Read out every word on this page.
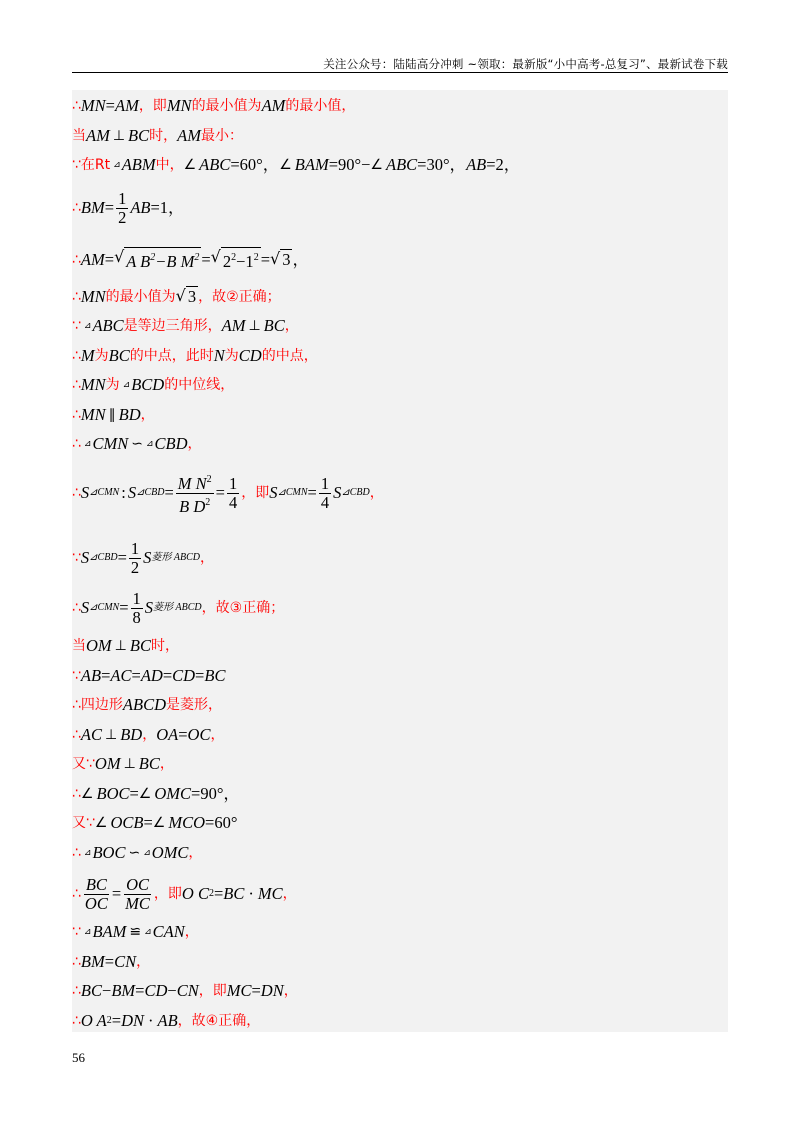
关注公众号：陆陆高分冲刺 ~领取：最新版“小中高考-总复习”、最新试卷下载
∴ MN = AM ，即 MN 的最小值为 AM 的最小值，
当 AM ⊥ BC 时， AM 最小：
∵ 在Rt ⊿ ABM 中， ∠ ABC =60°， ∠ BAM =90°− ∠ ABC =30°， AB =2，
∴ BM = $\frac{1}{2}$ AB =1，
∴ AM = √ A $B^2-B$ $M^2$ = √ $2^2-1^2$ = √ 3 ，
∴ MN 的最小值为 √ 3 ，故②正确；
∵ ⊿ ABC 是等边三角形， AM ⊥ BC ，
∴ M 为 BC 的中点，此时 N 为 CD 的中点，
∴ MN 为 ⊿ BCD 的中位线，
∴ MN ∥ BD ，
∴ ⊿ CMN ∽ ⊿ CBD ，
∴ S ⊿CMN : S ⊿CBD = $\frac{M N^2}{B D^2} = \frac{1}{4}$ ，即 S ⊿CMN = $\frac{1}{4}$ S ⊿CBD ，
∵ S ⊿CBD = $\frac{1}{2}$ S 菱形 ABCD ，
∴ S ⊿CMN = $\frac{1}{8}$ S 菱形 ABCD ，故③正确；
当 OM ⊥ BC 时，
∵ AB = AC = AD = CD = BC
∴ 四边形 ABCD 是菱形，
∴ AC ⊥ BD ， OA = OC ，
又∵ OM ⊥ BC ，
∴ ∠ BOC = ∠ OMC =90°，
又∵ ∠ OCB = ∠ MCO =60°
∴ ⊿ BOC ∽ ⊿ OMC ，
∴ $\frac{BC}{OC} = \frac{OC}{MC}$ ，即 O C 2 = BC · MC ，
∵ ⊿ BAM ≌ ⊿ CAN ，
∴ BM = CN ，
∴ BC − BM = CD − CN ，即 MC = DN ，
∴ O A 2 = DN · AB ，故④正确，
56
